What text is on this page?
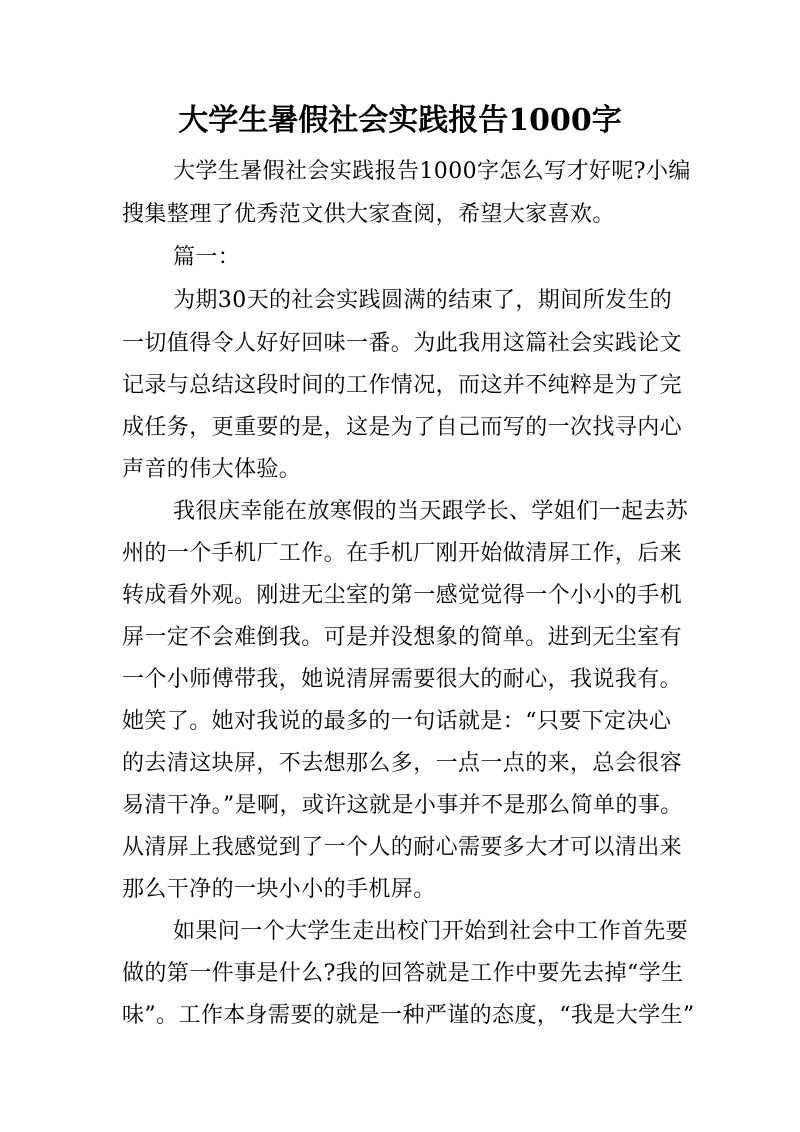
大学生暑假社会实践报告1000字
大学生暑假社会实践报告1000字怎么写才好呢?小编
搜集整理了优秀范文供大家查阅，希望大家喜欢。
篇一：
为期30天的社会实践圆满的结束了，期间所发生的
一切值得令人好好回味一番。为此我用这篇社会实践论文
记录与总结这段时间的工作情况，而这并不纯粹是为了完
成任务，更重要的是，这是为了自己而写的一次找寻内心
声音的伟大体验。
我很庆幸能在放寒假的当天跟学长、学姐们一起去苏
州的一个手机厂工作。在手机厂刚开始做清屏工作，后来
转成看外观。刚进无尘室的第一感觉觉得一个小小的手机
屏一定不会难倒我。可是并没想象的简单。进到无尘室有
一个小师傅带我，她说清屏需要很大的耐心，我说我有。
她笑了。她对我说的最多的一句话就是：“只要下定决心
的去清这块屏，不去想那么多，一点一点的来，总会很容
易清干净。”是啊，或许这就是小事并不是那么简单的事。
从清屏上我感觉到了一个人的耐心需要多大才可以清出来
那么干净的一块小小的手机屏。
如果问一个大学生走出校门开始到社会中工作首先要
做的第一件事是什么?我的回答就是工作中要先去掉“学生
味”。工作本身需要的就是一种严谨的态度，“我是大学生”
